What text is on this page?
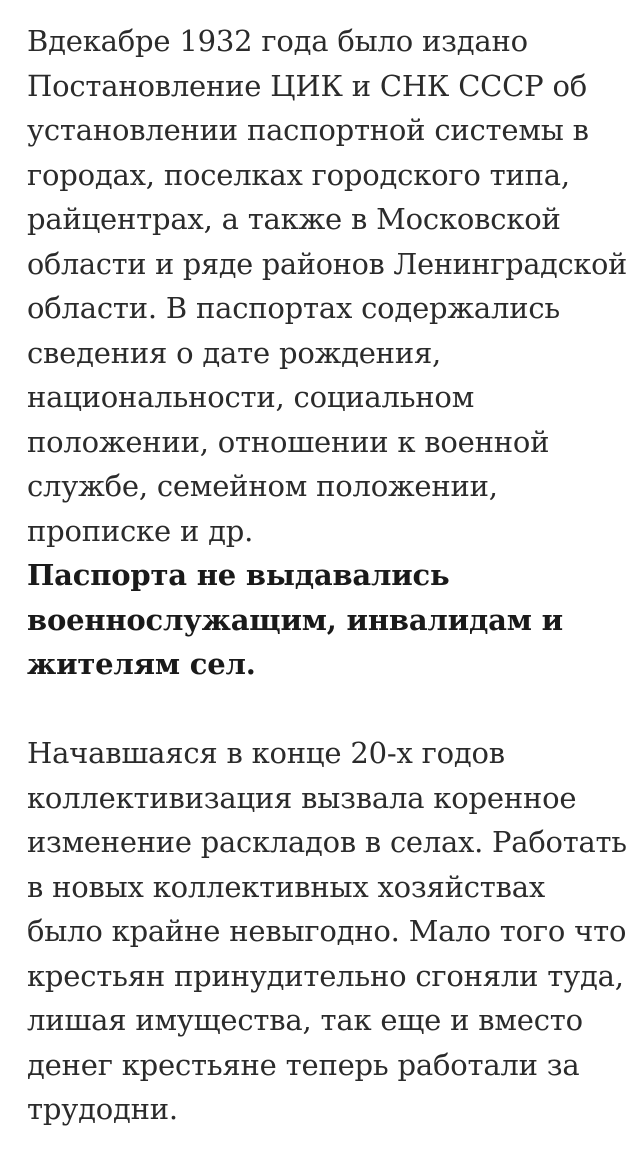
Вдекабре 1932 года было издано
Постановление ЦИК и СНК СССР об
установлении паспортной системы в
городах, поселках городского типа,
райцентрах, а также в Московской
области и ряде районов Ленинградской
области. В паспортах содержались
сведения о дате рождения,
национальности, социальном
положении, отношении к военной
службе, семейном положении,
прописке и др.
Паспорта не выдавались
военнослужащим, инвалидам и
жителям сел.
Начавшаяся в конце 20-х годов
коллективизация вызвала коренное
изменение раскладов в селах. Работать
в новых коллективных хозяйствах
было крайне невыгодно. Мало того что
крестьян принудительно сгоняли туда,
лишая имущества, так еще и вместо
денег крестьяне теперь работали за
трудодни.
